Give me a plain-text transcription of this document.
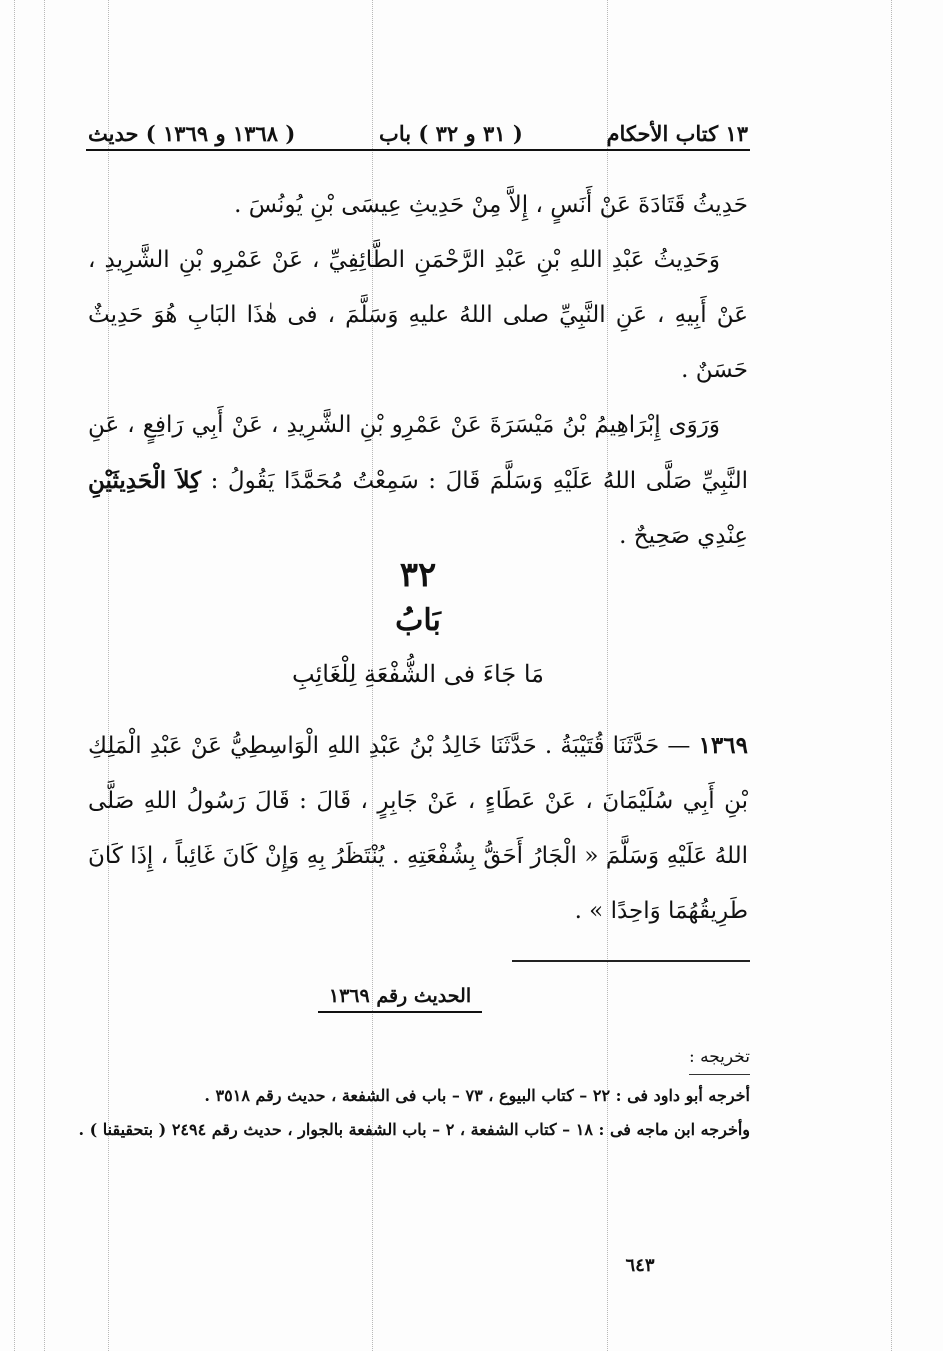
١٣ كتاب الأحكام
( ٣١ و ٣٢ ) باب
( ١٣٦٨ و ١٣٦٩ ) حديث

حَدِيثُ قَتَادَةَ عَنْ أَنَسٍ ، إِلاَّ مِنْ حَدِيثِ عِيسَى بْنِ يُونُسَ .

وَحَدِيثُ عَبْدِ اللهِ بْنِ عَبْدِ الرَّحْمَنِ الطَّائِفِيِّ ، عَنْ عَمْرِو بْنِ الشَّرِيدِ ، عَنْ أَبِيهِ ، عَنِ النَّبِيِّ صلى اللهُ عليهِ وَسَلَّمَ ، فى هٰذَا البَابِ هُوَ حَدِيثٌ حَسَنٌ .

وَرَوَى إِبْرَاهِيمُ بْنُ مَيْسَرَةَ عَنْ عَمْرِو بْنِ الشَّرِيدِ ، عَنْ أَبِي رَافِعٍ ، عَنِ النَّبِيِّ صَلَّى اللهُ عَلَيْهِ وَسَلَّمَ قَالَ : سَمِعْتُ مُحَمَّدًا يَقُولُ : كِلاَ الْحَدِيثَيْنِ عِنْدِي صَحِيحٌ .

٣٢
بَابُ
مَا جَاءَ فى الشُّفْعَةِ لِلْغَائِبِ

١٣٦٩ — حَدَّثَنَا قُتَيْبَةُ . حَدَّثَنَا خَالِدُ بْنُ عَبْدِ اللهِ الْوَاسِطِيُّ عَنْ عَبْدِ الْمَلِكِ بْنِ أَبِي سُلَيْمَانَ ، عَنْ عَطَاءٍ ، عَنْ جَابِرٍ ، قَالَ : قَالَ رَسُولُ اللهِ صَلَّى اللهُ عَلَيْهِ وَسَلَّمَ « الْجَارُ أَحَقُّ بِشُفْعَتِهِ . يُنْتَظَرُ بِهِ وَإِنْ كَانَ غَائِباً ، إِذَا كَانَ طَرِيقُهُمَا وَاحِدًا » .

الحديث رقم ١٣٦٩
تخريجه :

أخرجه أبو داود فى : ٢٢ – كتاب البيوع ، ٧٣ – باب فى الشفعة ، حديث رقم ٣٥١٨ .

وأخرجه ابن ماجه فى : ١٨ – كتاب الشفعة ، ٢ – باب الشفعة بالجوار ، حديث رقم ٢٤٩٤ ( بتحقيقنا ) .

٦٤٣
